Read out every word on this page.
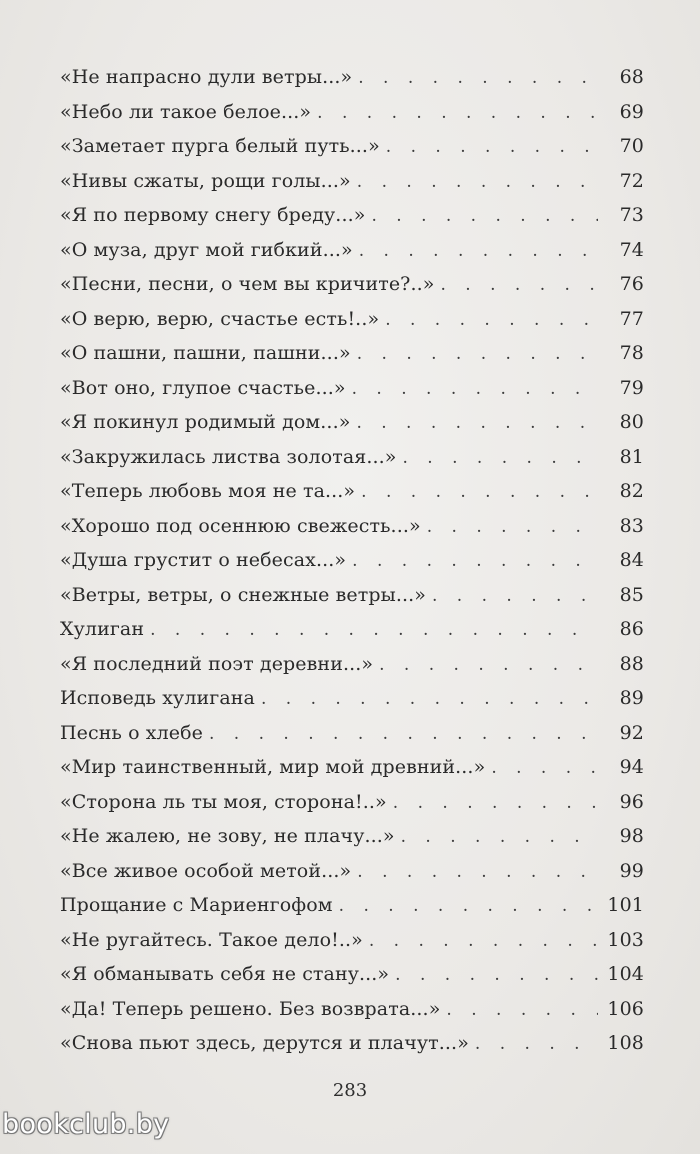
«Не напрасно дули ветры...» . . .	68
«Небо ли такое белое...» . . .	69
«Заметает пурга белый путь...» . . .	70
«Нивы сжаты, рощи голы...» . . .	72
«Я по первому снегу бреду...» . . .	73
«О муза, друг мой гибкий...» . . .	74
«Песни, песни, о чем вы кричите?..» . . .	76
«О верю, верю, счастье есть!..» . . .	77
«О пашни, пашни, пашни...» . . .	78
«Вот оно, глупое счастье...» . . .	79
«Я покинул родимый дом...» . . .	80
«Закружилась листва золотая...» . . .	81
«Теперь любовь моя не та...» . . .	82
«Хорошо под осеннюю свежесть...» . . .	83
«Душа грустит о небесах...» . . .	84
«Ветры, ветры, о снежные ветры...» . . .	85
Хулиган . . .	86
«Я последний поэт деревни...» . . .	88
Исповедь хулигана . . .	89
Песнь о хлебе . . .	92
«Мир таинственный, мир мой древний...» . . .	94
«Сторона ль ты моя, сторона!..» . . .	96
«Не жалею, не зову, не плачу...» . . .	98
«Все живое особой метой...» . . .	99
Прощание с Мариенгофом . . .	101
«Не ругайтесь. Такое дело!..» . . .	103
«Я обманывать себя не стану...» . . .	104
«Да! Теперь решено. Без возврата...» . . .	106
«Снова пьют здесь, дерутся и плачут...» . . .	108
283
bookclub.by
